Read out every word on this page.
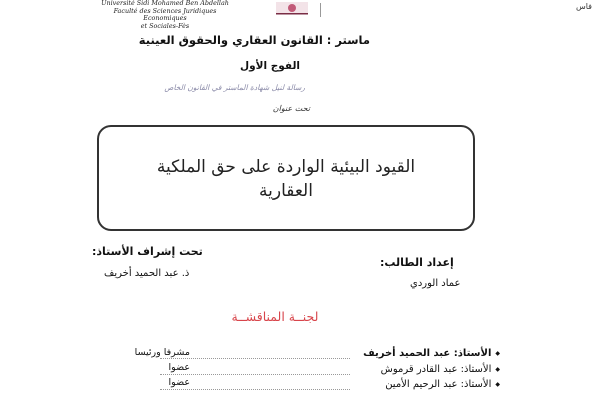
Université Sidi Mohamed Ben Abdellah
Faculté des Sciences Juridiques Economiques
et Sociales-Fès
فاس
ماستر : القانون العقاري والحقوق العينية
الفوج الأول
رسالة لنيل شهادة الماستر في القانون الخاص
تحت عنوان
القيود البيئية الواردة على حق الملكية
العقارية
إعداد الطالب:
عماد الوردي
تحت إشراف الأستاذ:
ذ. عبد الحميد أخريف
لجنــة المناقشــة
◆الأستاذ: عبد الحميد أخريف
مشرفا ورئيسا
◆الأستاذ: عبد القادر قرموش
عضوا
◆الأستاذ: عبد الرحيم الأمين
عضوا
